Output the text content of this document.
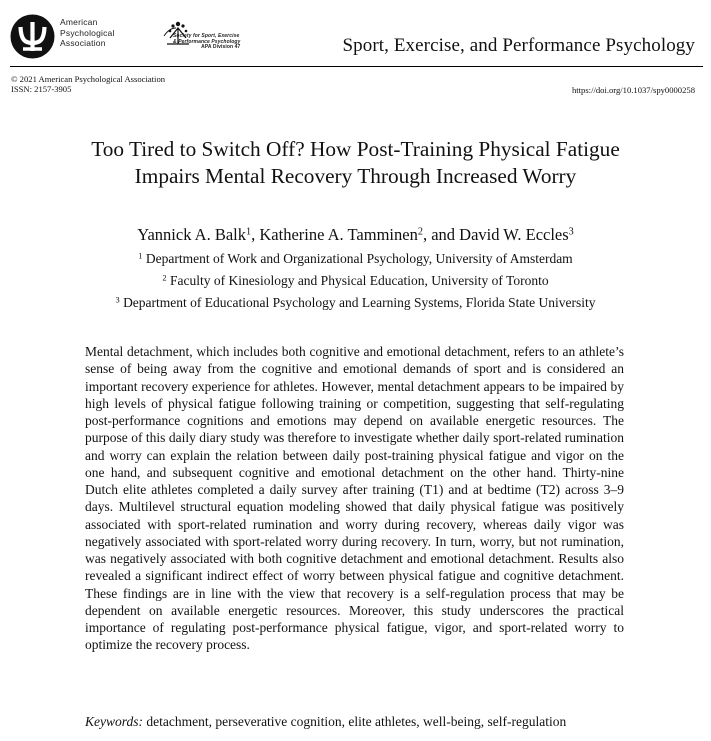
American
Psychological
Association
Society for Sport, Exercise
& Performance Psychology
APA Division 47	Sport, Exercise, and Performance Psychology
© 2021 American Psychological Association
ISSN: 2157-3905	https://doi.org/10.1037/spy0000258
Too Tired to Switch Off? How Post-Training Physical Fatigue
Impairs Mental Recovery Through Increased Worry
Yannick A. Balk$^1$, Katherine A. Tamminen$^2$, and David W. Eccles$^3$
$^1$ Department of Work and Organizational Psychology, University of Amsterdam
$^2$ Faculty of Kinesiology and Physical Education, University of Toronto
$^3$ Department of Educational Psychology and Learning Systems, Florida State University
Mental detachment, which includes both cognitive and emotional detachment, refers to an athlete’s sense of being away from the cognitive and emotional demands of sport and is considered an important recovery experience for athletes. However, mental detachment appears to be impaired by high levels of physical fatigue following training or competition, suggesting that self-regulating post-performance cognitions and emotions may depend on available energetic resources. The purpose of this daily diary study was therefore to investigate whether daily sport-related rumination and worry can explain the relation between daily post-training physical fatigue and vigor on the one hand, and subsequent cognitive and emotional detachment on the other hand. Thirty-nine Dutch elite athletes completed a daily survey after training (T1) and at bedtime (T2) across 3–9 days. Multilevel structural equation modeling showed that daily physical fatigue was positively associated with sport-related rumination and worry during recovery, whereas daily vigor was negatively associated with sport-related worry during recovery. In turn, worry, but not rumination, was negatively associated with both cognitive detachment and emotional detachment. Results also revealed a significant indirect effect of worry between physical fatigue and cognitive detachment. These findings are in line with the view that recovery is a self-regulation process that may be dependent on available energetic resources. Moreover, this study underscores the practical importance of regulating post-performance physical fatigue, vigor, and sport-related worry to optimize the recovery process.
Keywords: detachment, perseverative cognition, elite athletes, well-being, self-regulation
